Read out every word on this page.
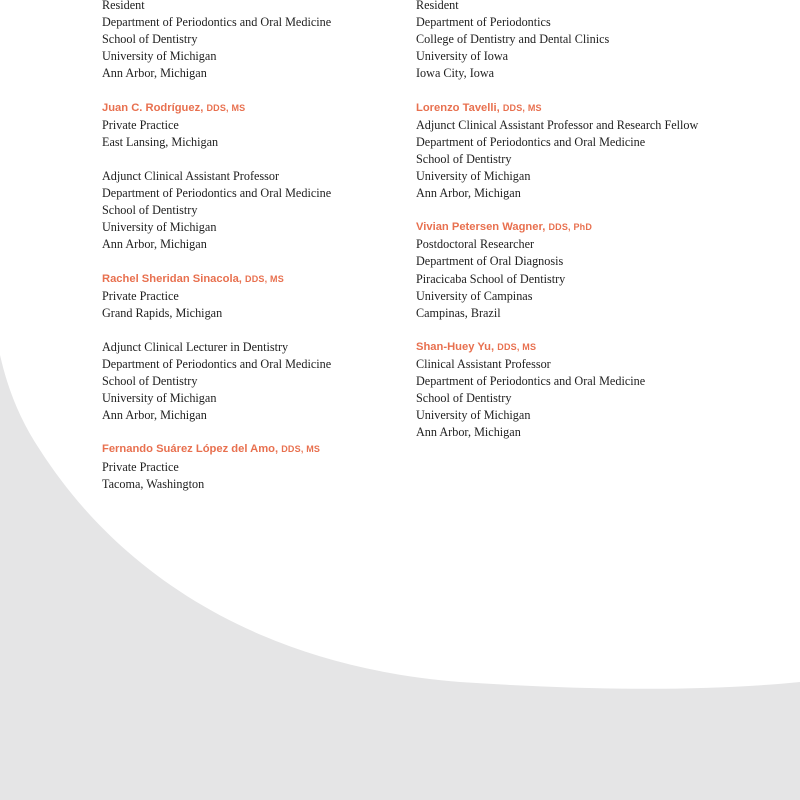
Resident
Department of Periodontics and Oral Medicine
School of Dentistry
University of Michigan
Ann Arbor, Michigan
Juan C. Rodríguez, DDS, MS
Private Practice
East Lansing, Michigan
Adjunct Clinical Assistant Professor
Department of Periodontics and Oral Medicine
School of Dentistry
University of Michigan
Ann Arbor, Michigan
Rachel Sheridan Sinacola, DDS, MS
Private Practice
Grand Rapids, Michigan
Adjunct Clinical Lecturer in Dentistry
Department of Periodontics and Oral Medicine
School of Dentistry
University of Michigan
Ann Arbor, Michigan
Fernando Suárez López del Amo, DDS, MS
Private Practice
Tacoma, Washington
Resident
Department of Periodontics
College of Dentistry and Dental Clinics
University of Iowa
Iowa City, Iowa
Lorenzo Tavelli, DDS, MS
Adjunct Clinical Assistant Professor and Research Fellow
Department of Periodontics and Oral Medicine
School of Dentistry
University of Michigan
Ann Arbor, Michigan
Vivian Petersen Wagner, DDS, PhD
Postdoctoral Researcher
Department of Oral Diagnosis
Piracicaba School of Dentistry
University of Campinas
Campinas, Brazil
Shan-Huey Yu, DDS, MS
Clinical Assistant Professor
Department of Periodontics and Oral Medicine
School of Dentistry
University of Michigan
Ann Arbor, Michigan
